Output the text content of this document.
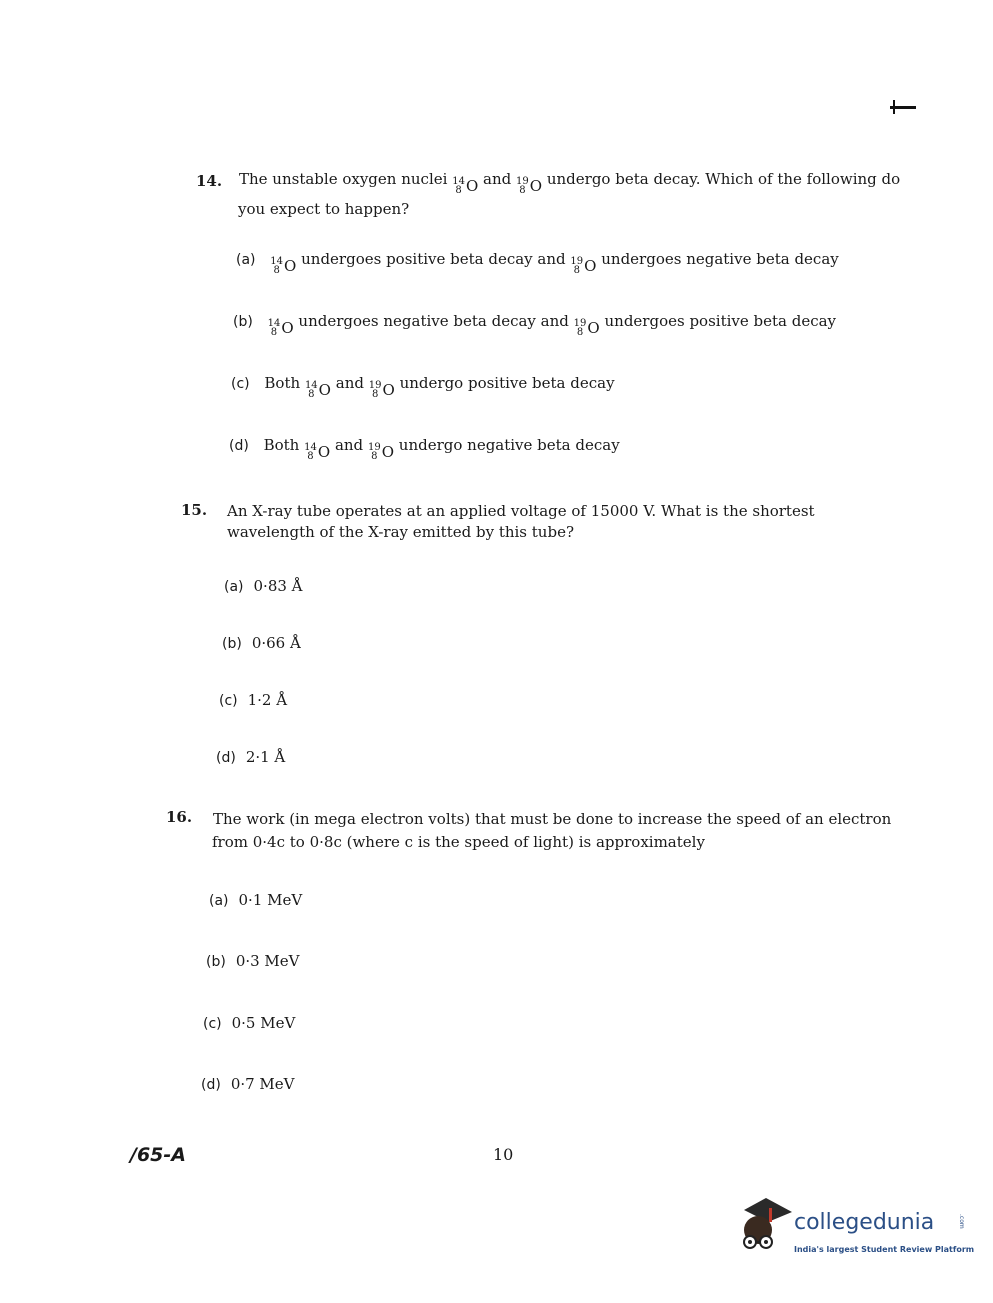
14. The unstable oxygen nuclei 14
8 O and 19
8 O undergo beta decay. Which of the following do
you expect to happen?
(a) 14
8 O undergoes positive beta decay and 19
8 O undergoes negative beta decay
(b) 14
8 O undergoes negative beta decay and 19
8 O undergoes positive beta decay
(c) Both 14
8 O and 19
8 O undergo positive beta decay
(d) Both 14
8 O and 19
8 O undergo negative beta decay
15. An X-ray tube operates at an applied voltage of 15000 V. What is the shortest
wavelength of the X-ray emitted by this tube?
(a) 0·83 Å
(b) 0·66 Å
(c) 1·2 Å
(d) 2·1 Å
16. The work (in mega electron volts) that must be done to increase the speed of an electron
from 0·4c to 0·8c (where c is the speed of light) is approximately
(a) 0·1 MeV
(b) 0·3 MeV
(c) 0·5 MeV
(d) 0·7 MeV
/65-A	10
collegedunia	.com
India's largest Student Review Platform
